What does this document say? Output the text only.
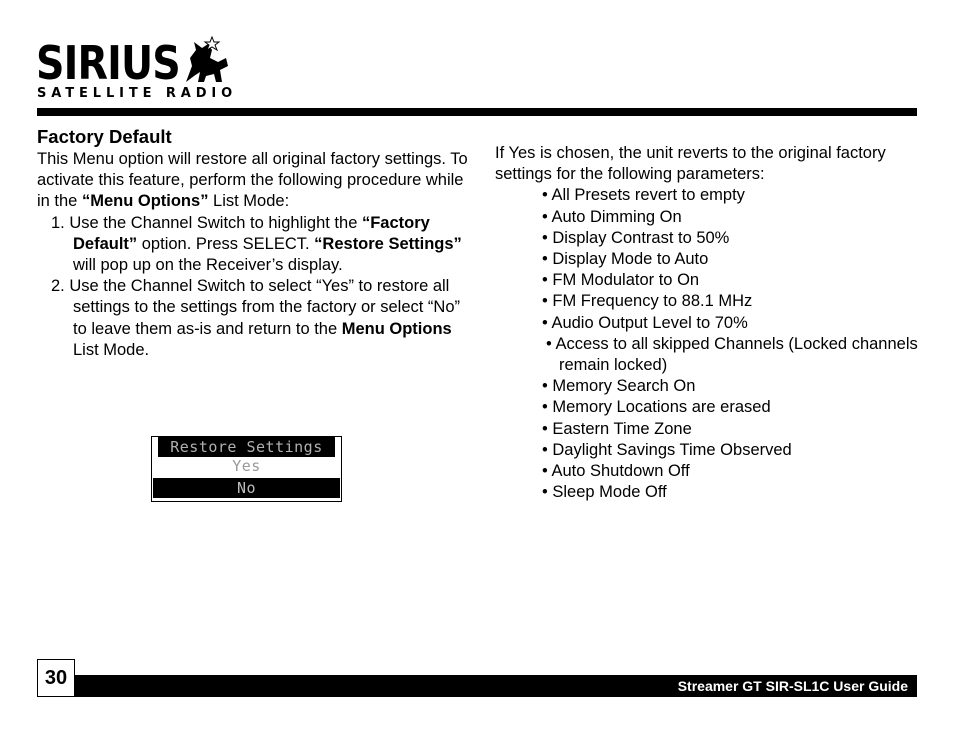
SIRIUS
SATELLITE RADIO
Factory Default

This Menu option will restore all original factory settings. To activate this feature, perform the following procedure while in the “Menu Options” List Mode:

1. Use the Channel Switch to highlight the “Factory Default” option. Press SELECT. “Restore Settings” will pop up on the Receiver’s display.

2. Use the Channel Switch to select “Yes” to restore all settings to the settings from the factory or select “No” to leave them as-is and return to the Menu Options List Mode.

Restore Settings
Yes
No

If Yes is chosen, the unit reverts to the original factory settings for the following parameters:

• All Presets revert to empty
• Auto Dimming On
• Display Contrast to 50%
• Display Mode to Auto
• FM Modulator to On
• FM Frequency to 88.1 MHz
• Audio Output Level to 70%
• Access to all skipped Channels (Locked channels remain locked)
• Memory Search On
• Memory Locations are erased
• Eastern Time Zone
• Daylight Savings Time Observed
• Auto Shutdown Off
• Sleep Mode Off
30	Streamer GT SIR-SL1C User Guide
